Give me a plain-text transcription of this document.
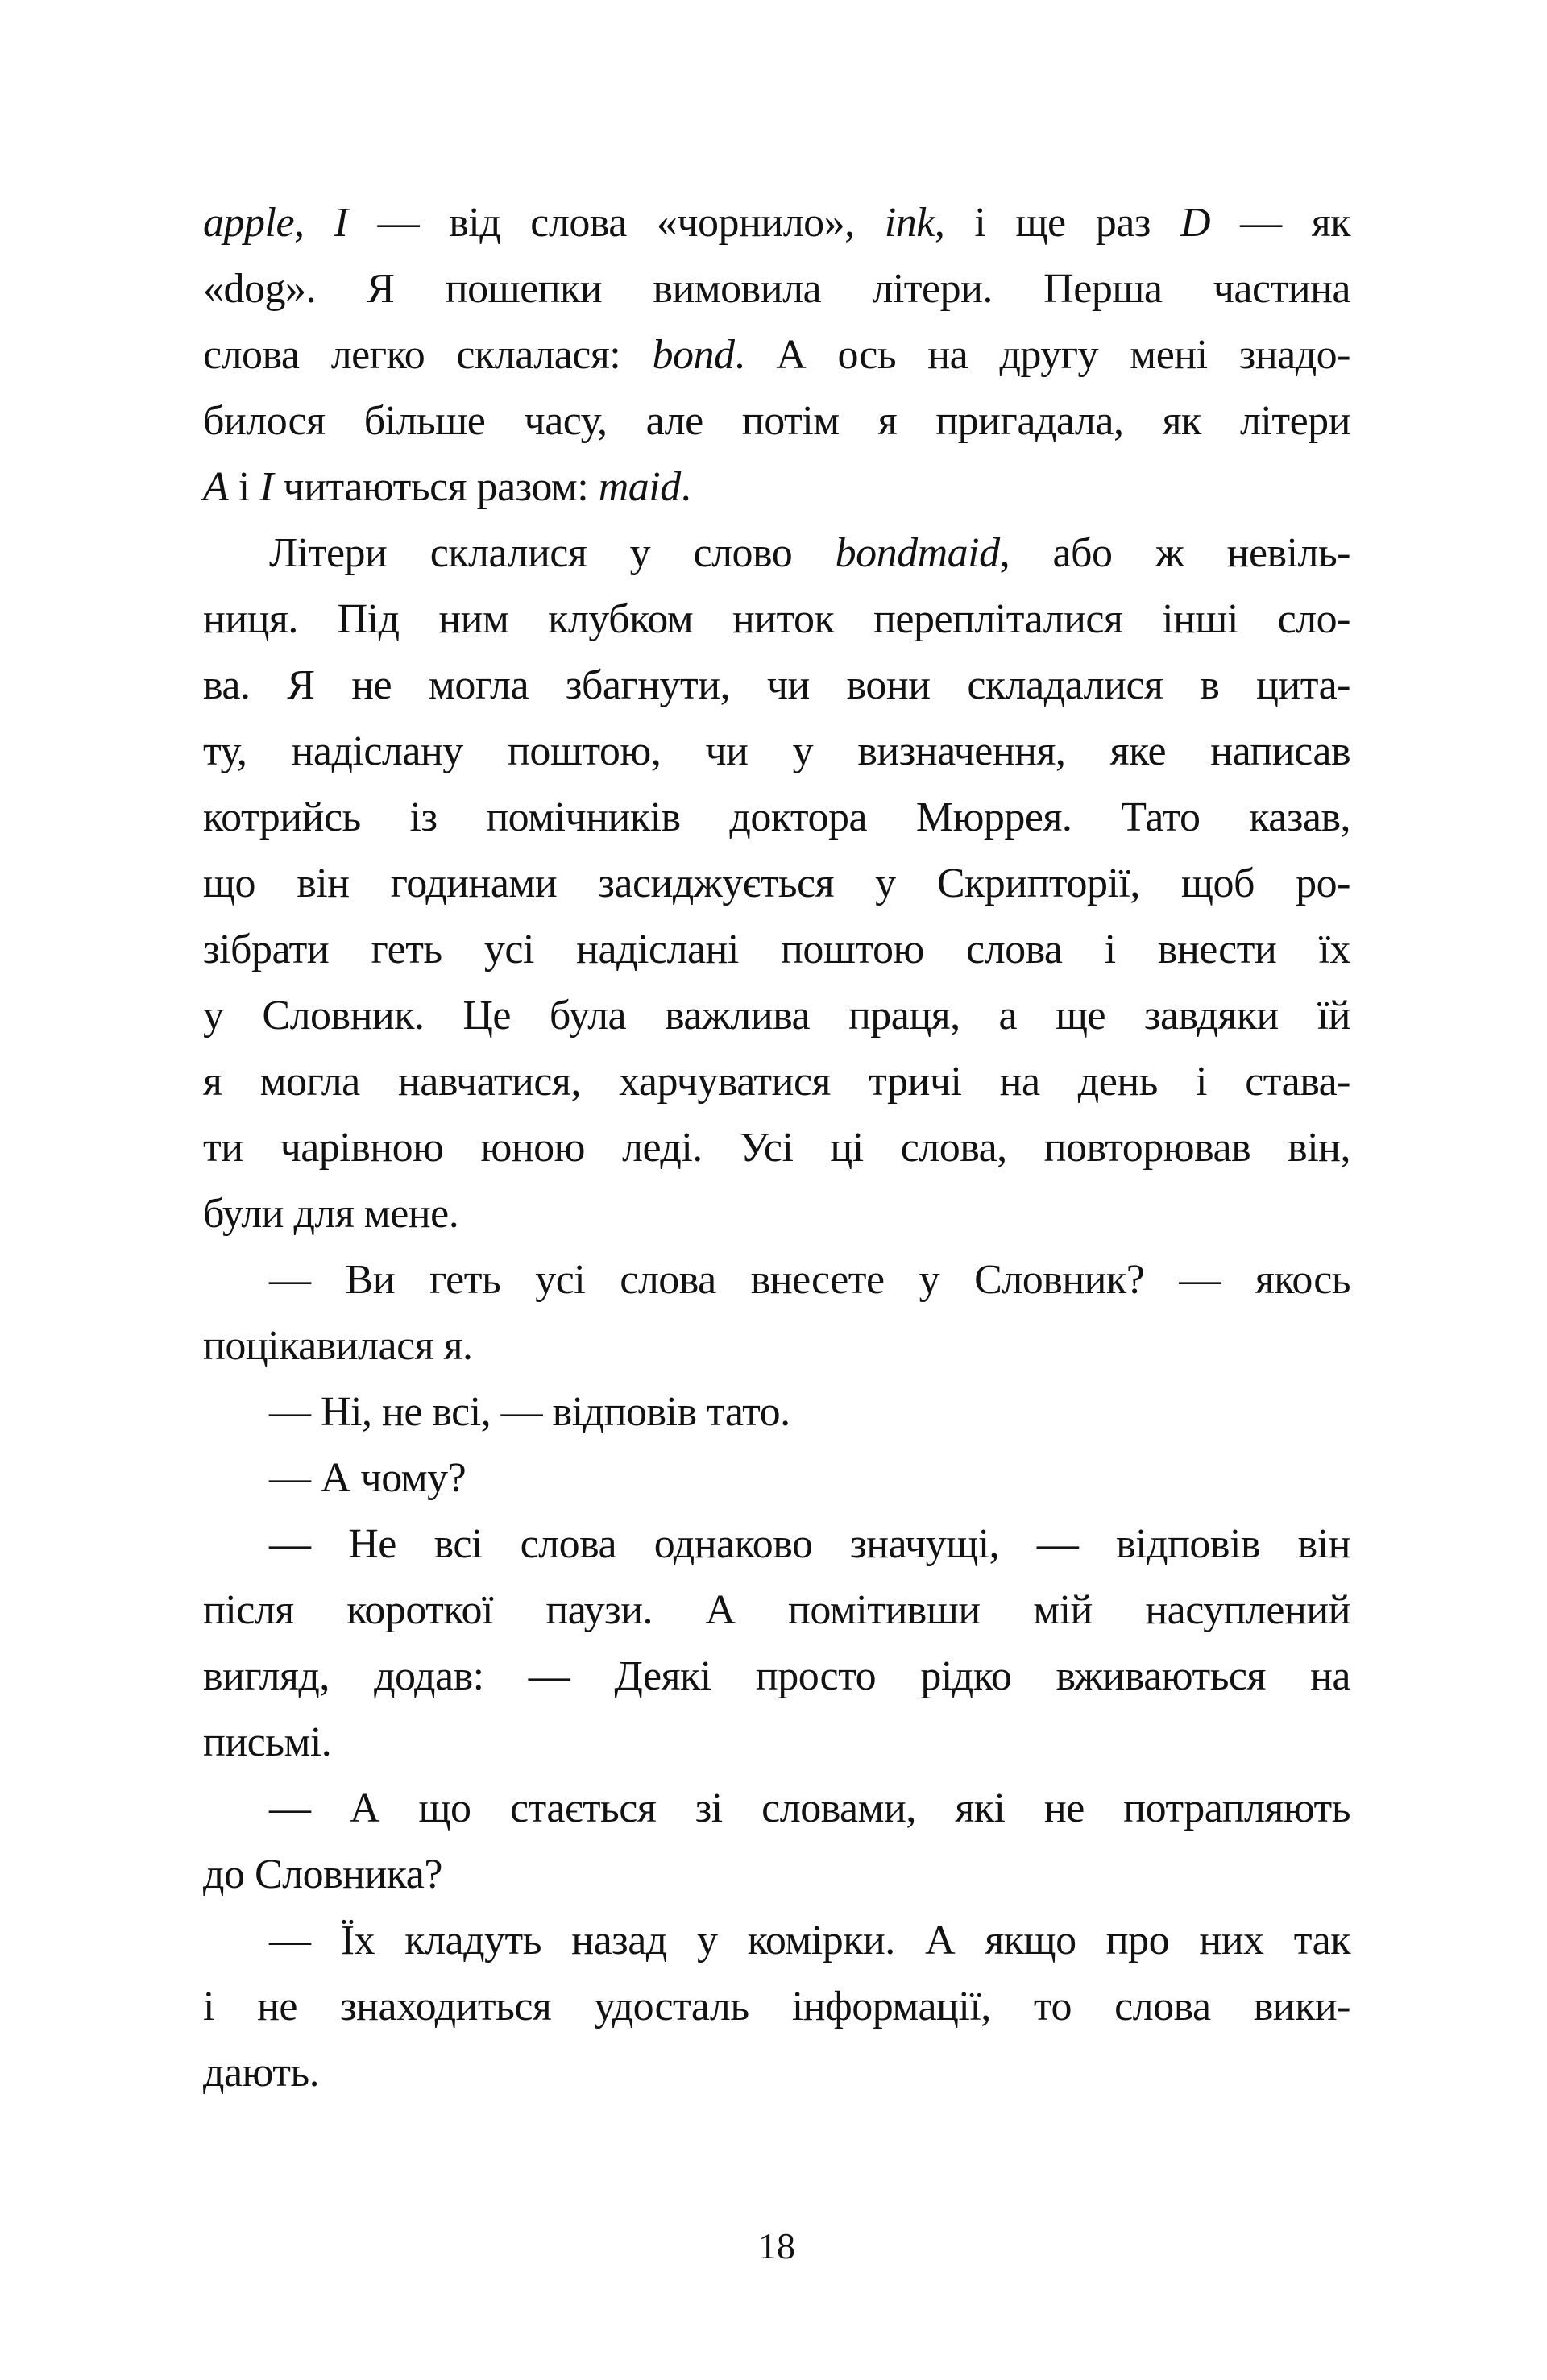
apple, I — від слова «чорнило», ink, і ще раз D — як
«dog». Я пошепки вимовила літери. Перша частина
слова легко склалася: bond. А ось на другу мені знадо-
билося більше часу, але потім я пригадала, як літери
A і I читаються разом: maid.
Літери склалися у слово bondmaid, або ж невіль-
ниця. Під ним клубком ниток перепліталися інші сло-
ва. Я не могла збагнути, чи вони складалися в цита-
ту, надіслану поштою, чи у визначення, яке написав
котрийсь із помічників доктора Мюррея. Тато казав,
що він годинами засиджується у Скрипторії, щоб ро-
зібрати геть усі надіслані поштою слова і внести їх
у Словник. Це була важлива праця, а ще завдяки їй
я могла навчатися, харчуватися тричі на день і става-
ти чарівною юною леді. Усі ці слова, повторював він,
були для мене.
— Ви геть усі слова внесете у Словник? — якось
поцікавилася я.
— Ні, не всі, — відповів тато.
— А чому?
— Не всі слова однаково значущі, — відповів він
після короткої паузи. А помітивши мій насуплений
вигляд, додав: — Деякі просто рідко вживаються на
письмі.
— А що стається зі словами, які не потрапляють
до Словника?
— Їх кладуть назад у комірки. А якщо про них так
і не знаходиться удосталь інформації, то слова вики-
дають.
18
